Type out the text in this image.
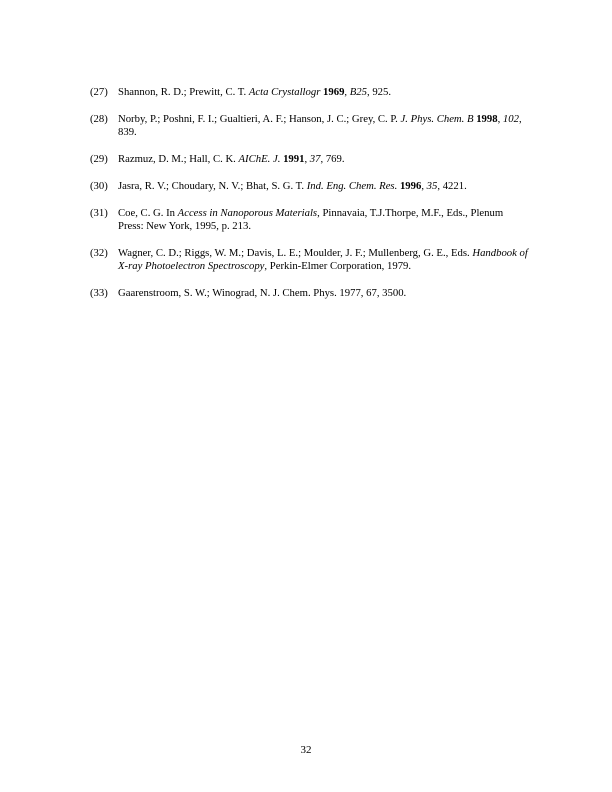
(27) Shannon, R. D.; Prewitt, C. T. Acta Crystallogr 1969, B25, 925.
(28) Norby, P.; Poshni, F. I.; Gualtieri, A. F.; Hanson, J. C.; Grey, C. P. J. Phys. Chem. B 1998, 102, 839.
(29) Razmuz, D. M.; Hall, C. K. AIChE. J. 1991, 37, 769.
(30) Jasra, R. V.; Choudary, N. V.; Bhat, S. G. T. Ind. Eng. Chem. Res. 1996, 35, 4221.
(31) Coe, C. G. In Access in Nanoporous Materials, Pinnavaia, T.J.Thorpe, M.F., Eds., Plenum Press: New York, 1995, p. 213.
(32) Wagner, C. D.; Riggs, W. M.; Davis, L. E.; Moulder, J. F.; Mullenberg, G. E., Eds. Handbook of X-ray Photoelectron Spectroscopy, Perkin-Elmer Corporation, 1979.
(33) Gaarenstroom, S. W.; Winograd, N. J. Chem. Phys. 1977, 67, 3500.
32
